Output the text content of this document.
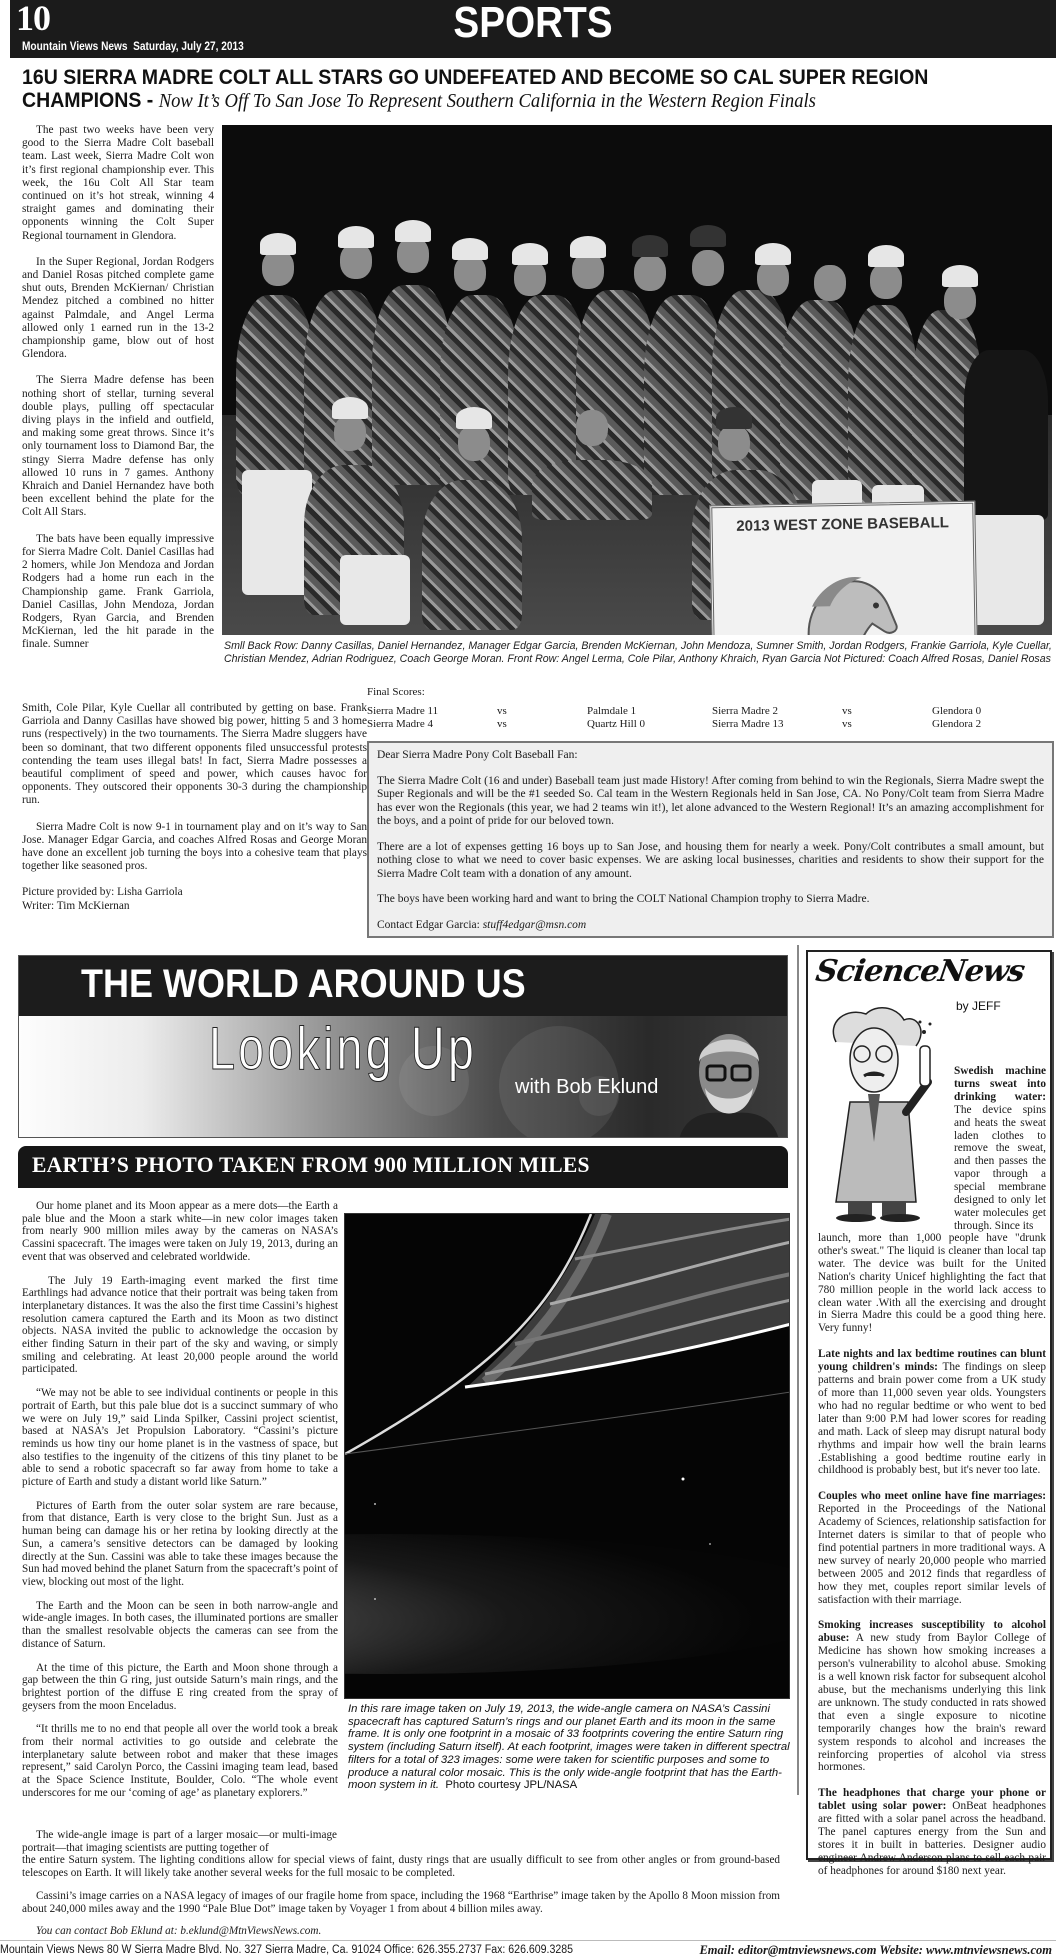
10
Mountain Views News Saturday, July 27, 2013	SPORTS
16U SIERRA MADRE COLT ALL STARS GO UNDEFEATED AND BECOME SO CAL SUPER REGION
CHAMPIONS - Now It’s Off To San Jose To Represent Southern California in the Western Region Finals

The past two weeks have been very good to the Sierra Madre Colt baseball team. Last week, Sierra Madre Colt won it’s first regional championship ever. This week, the 16u Colt All Star team continued on it’s hot streak, winning 4 straight games and dominating their opponents winning the Colt Super Regional tournament in Glendora.

In the Super Regional, Jordan Rodgers and Daniel Rosas pitched complete game shut outs, Brenden McKiernan/ Christian Mendez pitched a combined no hitter against Palmdale, and Angel Lerma allowed only 1 earned run in the 13-2 championship game, blow out of host Glendora.

The Sierra Madre defense has been nothing short of stellar, turning several double plays, pulling off spectacular diving plays in the infield and outfield, and making some great throws. Since it’s only tournament loss to Diamond Bar, the stingy Sierra Madre defense has only allowed 10 runs in 7 games. Anthony Khraich and Daniel Hernandez have both been excellent behind the plate for the Colt All Stars.

The bats have been equally impressive for Sierra Madre Colt. Daniel Casillas had 2 homers, while Jon Mendoza and Jordan Rodgers had a home run each in the Championship game. Frank Garriola, Daniel Casillas, John Mendoza, Jordan Rodgers, Ryan Garcia, and Brenden McKiernan, led the hit parade in the finale. Sumner

Smith, Cole Pilar, Kyle Cuellar all contributed by getting on base. Frank Garriola and Danny Casillas have showed big power, hitting 5 and 3 home runs (respectively) in the two tournaments. The Sierra Madre sluggers have been so dominant, that two different opponents filed unsuccessful protests contending the team uses illegal bats! In fact, Sierra Madre possesses a beautiful compliment of speed and power, which causes havoc for opponents. They outscored their opponents 30-3 during the championship run.

Sierra Madre Colt is now 9-1 in tournament play and on it’s way to San Jose. Manager Edgar Garcia, and coaches Alfred Rosas and George Moran have done an excellent job turning the boys into a cohesive team that plays together like seasoned pros.

Picture provided by: Lisha Garriola

Writer: Tim McKiernan

2013 WEST ZONE BASEBALL
Smll Back Row: Danny Casillas, Daniel Hernandez, Manager Edgar Garcia, Brenden McKiernan, John Mendoza, Sumner Smith, Jordan Rodgers, Frankie Garriola, Kyle Cuellar, Christian Mendez, Adrian Rodriguez, Coach George Moran. Front Row: Angel Lerma, Cole Pilar, Anthony Khraich, Ryan Garcia Not Pictured: Coach Alfred Rosas, Daniel Rosas
Final Scores:
Sierra Madre 11	vs	Palmdale 1	Sierra Madre 2	vs	Glendora 0
Sierra Madre 4	vs	Quartz Hill 0	Sierra Madre 13	vs	Glendora 2

Dear Sierra Madre Pony Colt Baseball Fan:

The Sierra Madre Colt (16 and under) Baseball team just made History! After coming from behind to win the Regionals, Sierra Madre swept the Super Regionals and will be the #1 seeded So. Cal team in the Western Regionals held in San Jose, CA. No Pony/Colt team from Sierra Madre has ever won the Regionals (this year, we had 2 teams win it!), let alone advanced to the Western Regional! It’s an amazing accomplishment for the boys, and a point of pride for our beloved town.

There are a lot of expenses getting 16 boys up to San Jose, and housing them for nearly a week. Pony/Colt contributes a small amount, but nothing close to what we need to cover basic expenses. We are asking local businesses, charities and residents to show their support for the Sierra Madre Colt team with a donation of any amount.

The boys have been working hard and want to bring the COLT National Champion trophy to Sierra Madre.

Contact Edgar Garcia: stuff4edgar@msn.com

THE WORLD AROUND US
Looking Up
with Bob Eklund
EARTH’S PHOTO TAKEN FROM 900 MILLION MILES

Our home planet and its Moon appear as a mere dots—the Earth a pale blue and the Moon a stark white—in new color images taken from nearly 900 million miles away by the cameras on NASA’s Cassini spacecraft. The images were taken on July 19, 2013, during an event that was observed and celebrated worldwide.

The July 19 Earth-imaging event marked the first time Earthlings had advance notice that their portrait was being taken from interplanetary distances. It was the also the first time Cassini’s highest resolution camera captured the Earth and its Moon as two distinct objects. NASA invited the public to acknowledge the occasion by either finding Saturn in their part of the sky and waving, or simply smiling and celebrating. At least 20,000 people around the world participated.

“We may not be able to see individual continents or people in this portrait of Earth, but this pale blue dot is a succinct summary of who we were on July 19,” said Linda Spilker, Cassini project scientist, based at NASA’s Jet Propulsion Laboratory. “Cassini’s picture reminds us how tiny our home planet is in the vastness of space, but also testifies to the ingenuity of the citizens of this tiny planet to be able to send a robotic spacecraft so far away from home to take a picture of Earth and study a distant world like Saturn.”

Pictures of Earth from the outer solar system are rare because, from that distance, Earth is very close to the bright Sun. Just as a human being can damage his or her retina by looking directly at the Sun, a camera’s sensitive detectors can be damaged by looking directly at the Sun. Cassini was able to take these images because the Sun had moved behind the planet Saturn from the spacecraft’s point of view, blocking out most of the light.

The Earth and the Moon can be seen in both narrow-angle and wide-angle images. In both cases, the illuminated portions are smaller than the smallest resolvable objects the cameras can see from the distance of Saturn.

At the time of this picture, the Earth and Moon shone through a gap between the thin G ring, just outside Saturn’s main rings, and the brightest portion of the diffuse E ring created from the spray of geysers from the moon Enceladus.

“It thrills me to no end that people all over the world took a break from their normal activities to go outside and celebrate the interplanetary salute between robot and maker that these images represent,” said Carolyn Porco, the Cassini imaging team lead, based at the Space Science Institute, Boulder, Colo. “The whole event underscores for me our ‘coming of age’ as planetary explorers.”

In this rare image taken on July 19, 2013, the wide-angle camera on NASA’s Cassini spacecraft has captured Saturn’s rings and our planet Earth and its moon in the same frame. It is only one footprint in a mosaic of 33 footprints covering the entire Saturn ring system (including Saturn itself). At each footprint, images were taken in different spectral filters for a total of 323 images: some were taken for scientific purposes and some to produce a natural color mosaic. This is the only wide-angle footprint that has the Earth-moon system in it. Photo courtesy JPL/NASA

The wide-angle image is part of a larger mosaic—or multi-image portrait—that imaging scientists are putting together of

the entire Saturn system. The lighting conditions allow for special views of faint, dusty rings that are usually difficult to see from other angles or from ground-based telescopes on Earth. It will likely take another several weeks for the full mosaic to be completed.

Cassini’s image carries on a NASA legacy of images of our fragile home from space, including the 1968 “Earthrise” image taken by the Apollo 8 Moon mission from about 240,000 miles away and the 1990 “Pale Blue Dot” image taken by Voyager 1 from about 4 billion miles away.

You can contact Bob Eklund at: b.eklund@MtnViewsNews.com.

ScienceNews
by JEFF

Swedish machine turns sweat into drinking water: The device spins and heats the sweat laden clothes to remove the sweat, and then passes the vapor through a special membrane designed to only let water molecules get through. Since its

launch, more than 1,000 people have "drunk other's sweat." The liquid is cleaner than local tap water. The device was built for the United Nation's charity Unicef highlighting the fact that 780 million people in the world lack access to clean water .With all the exercising and drought in Sierra Madre this could be a good thing here. Very funny!

Late nights and lax bedtime routines can blunt young children's minds: The findings on sleep patterns and brain power come from a UK study of more than 11,000 seven year olds. Youngsters who had no regular bedtime or who went to bed later than 9:00 P.M had lower scores for reading and math. Lack of sleep may disrupt natural body rhythms and impair how well the brain learns .Establishing a good bedtime routine early in childhood is probably best, but it's never too late.

Couples who meet online have fine marriages: Reported in the Proceedings of the National Academy of Sciences, relationship satisfaction for Internet daters is similar to that of people who find potential partners in more traditional ways. A new survey of nearly 20,000 people who married between 2005 and 2012 finds that regardless of how they met, couples report similar levels of satisfaction with their marriage.

Smoking increases susceptibility to alcohol abuse: A new study from Baylor College of Medicine has shown how smoking increases a person's vulnerability to alcohol abuse. Smoking is a well known risk factor for subsequent alcohol abuse, but the mechanisms underlying this link are unknown. The study conducted in rats showed that even a single exposure to nicotine temporarily changes how the brain's reward system responds to alcohol and increases the reinforcing properties of alcohol via stress hormones.

The headphones that charge your phone or tablet using solar power: OnBeat headphones are fitted with a solar panel across the headband. The panel captures energy from the Sun and stores it in built in batteries. Designer audio engineer Andrew Anderson plans to sell each pair of headphones for around $180 next year.

Mountain Views News 80 W Sierra Madre Blvd. No. 327 Sierra Madre, Ca. 91024 Office: 626.355.2737 Fax: 626.609.3285	Email: editor@mtnviewsnews.com Website: www.mtnviewsnews.com
